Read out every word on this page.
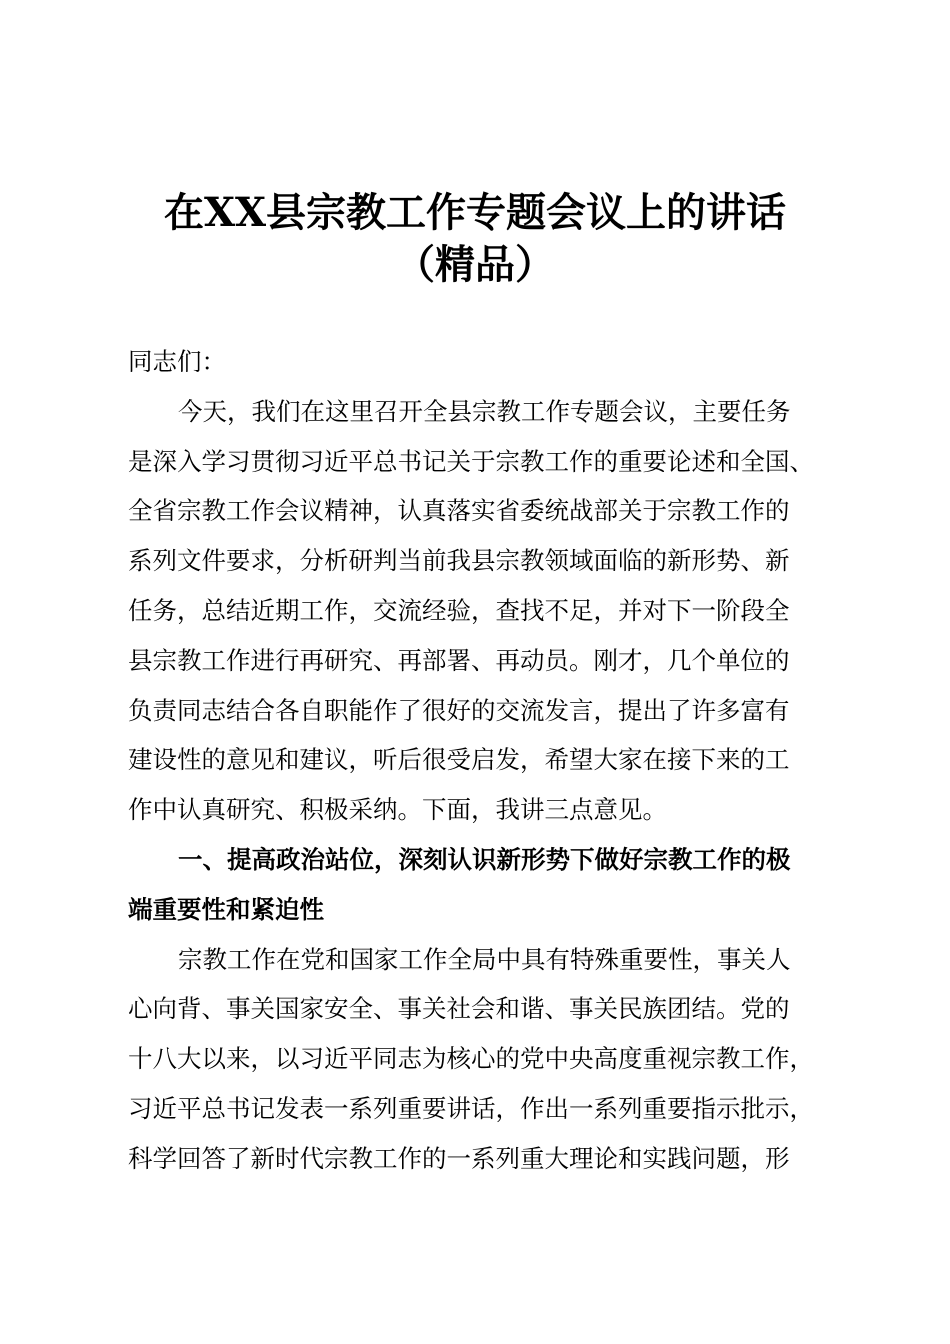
在XX县宗教工作专题会议上的讲话
（精品）
同志们：
今天，我们在这里召开全县宗教工作专题会议，主要任务
是深入学习贯彻习近平总书记关于宗教工作的重要论述和全国、
全省宗教工作会议精神，认真落实省委统战部关于宗教工作的
系列文件要求，分析研判当前我县宗教领域面临的新形势、新
任务，总结近期工作，交流经验，查找不足，并对下一阶段全
县宗教工作进行再研究、再部署、再动员。刚才，几个单位的
负责同志结合各自职能作了很好的交流发言，提出了许多富有
建设性的意见和建议，听后很受启发，希望大家在接下来的工
作中认真研究、积极采纳。下面，我讲三点意见。
一、提高政治站位，深刻认识新形势下做好宗教工作的极
端重要性和紧迫性
宗教工作在党和国家工作全局中具有特殊重要性，事关人
心向背、事关国家安全、事关社会和谐、事关民族团结。党的
十八大以来，以习近平同志为核心的党中央高度重视宗教工作，
习近平总书记发表一系列重要讲话，作出一系列重要指示批示，
科学回答了新时代宗教工作的一系列重大理论和实践问题，形
